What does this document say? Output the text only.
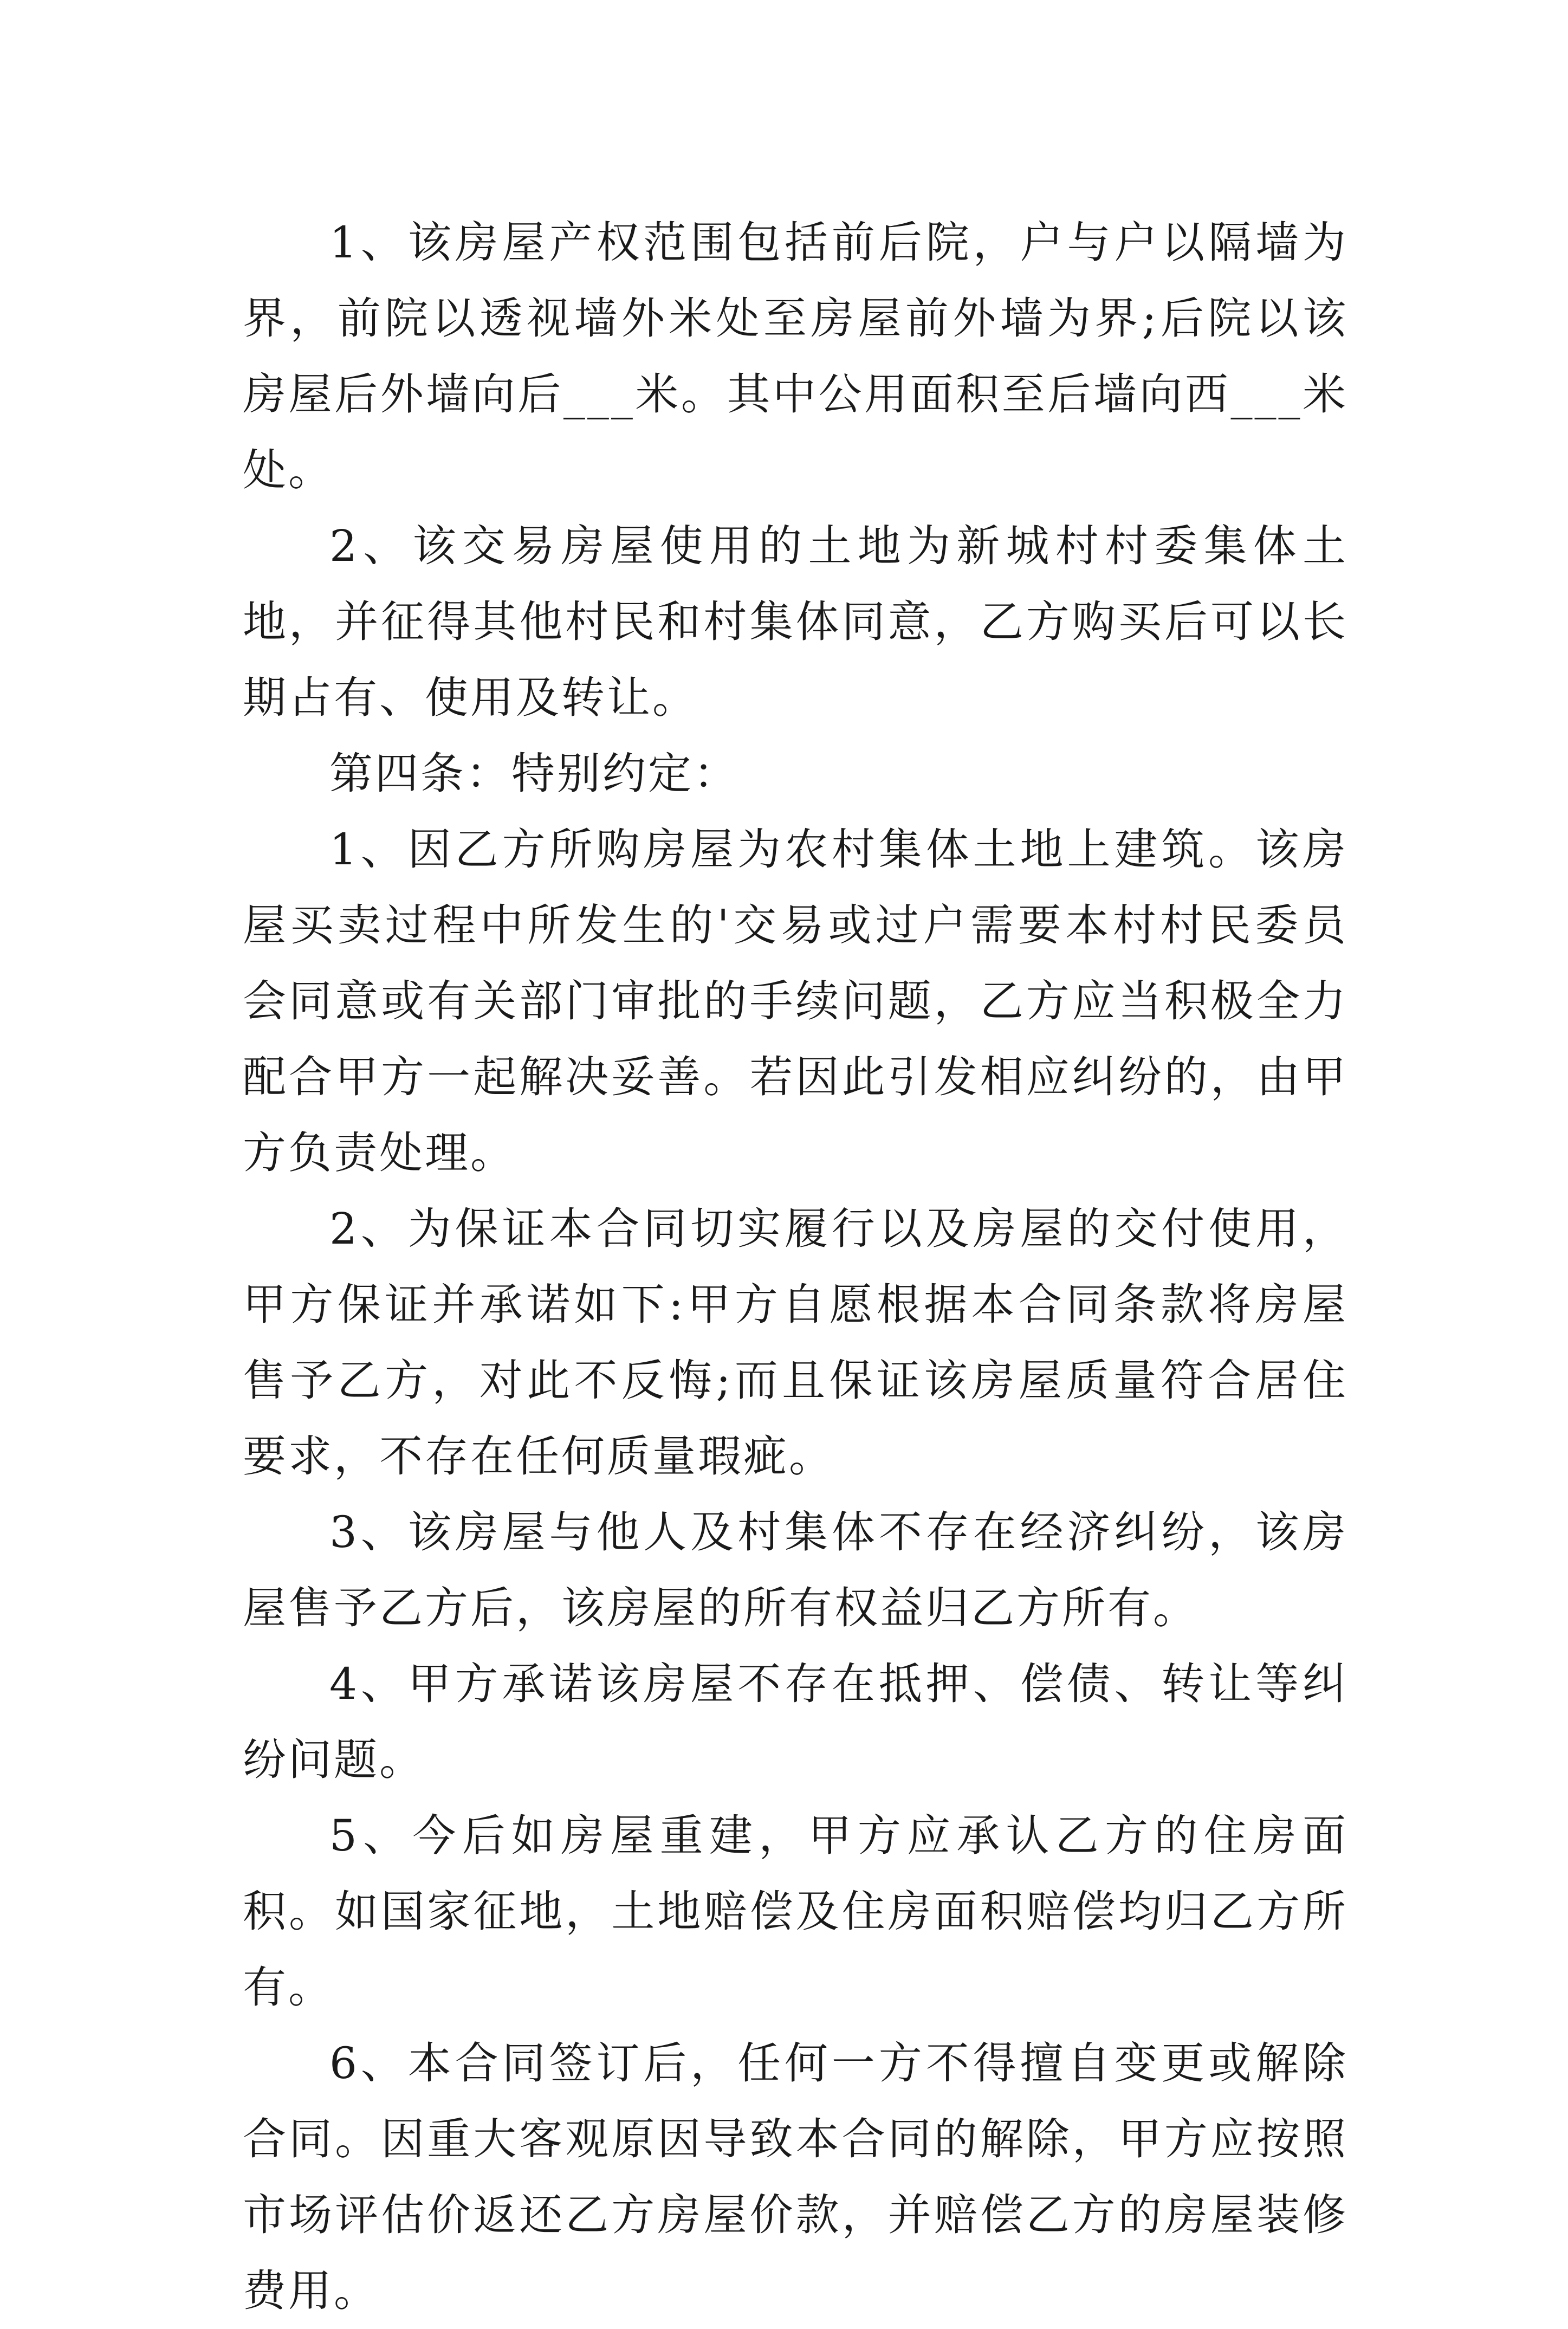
1、该房屋产权范围包括前后院，户与户以隔墙为界，前院以透视墙外米处至房屋前外墙为界;后院以该房屋后外墙向后___米。其中公用面积至后墙向西___米处。

2、该交易房屋使用的土地为新城村村委集体土地，并征得其他村民和村集体同意，乙方购买后可以长期占有、使用及转让。

第四条：特别约定：

1、因乙方所购房屋为农村集体土地上建筑。该房屋买卖过程中所发生的'交易或过户需要本村村民委员会同意或有关部门审批的手续问题，乙方应当积极全力配合甲方一起解决妥善。若因此引发相应纠纷的，由甲方负责处理。

2、为保证本合同切实履行以及房屋的交付使用，甲方保证并承诺如下:甲方自愿根据本合同条款将房屋售予乙方，对此不反悔;而且保证该房屋质量符合居住要求，不存在任何质量瑕疵。

3、该房屋与他人及村集体不存在经济纠纷，该房屋售予乙方后，该房屋的所有权益归乙方所有。

4、甲方承诺该房屋不存在抵押、偿债、转让等纠纷问题。

5、今后如房屋重建，甲方应承认乙方的住房面积。如国家征地，土地赔偿及住房面积赔偿均归乙方所有。

6、本合同签订后，任何一方不得擅自变更或解除合同。因重大客观原因导致本合同的解除，甲方应按照市场评估价返还乙方房屋价款，并赔偿乙方的房屋装修费用。
